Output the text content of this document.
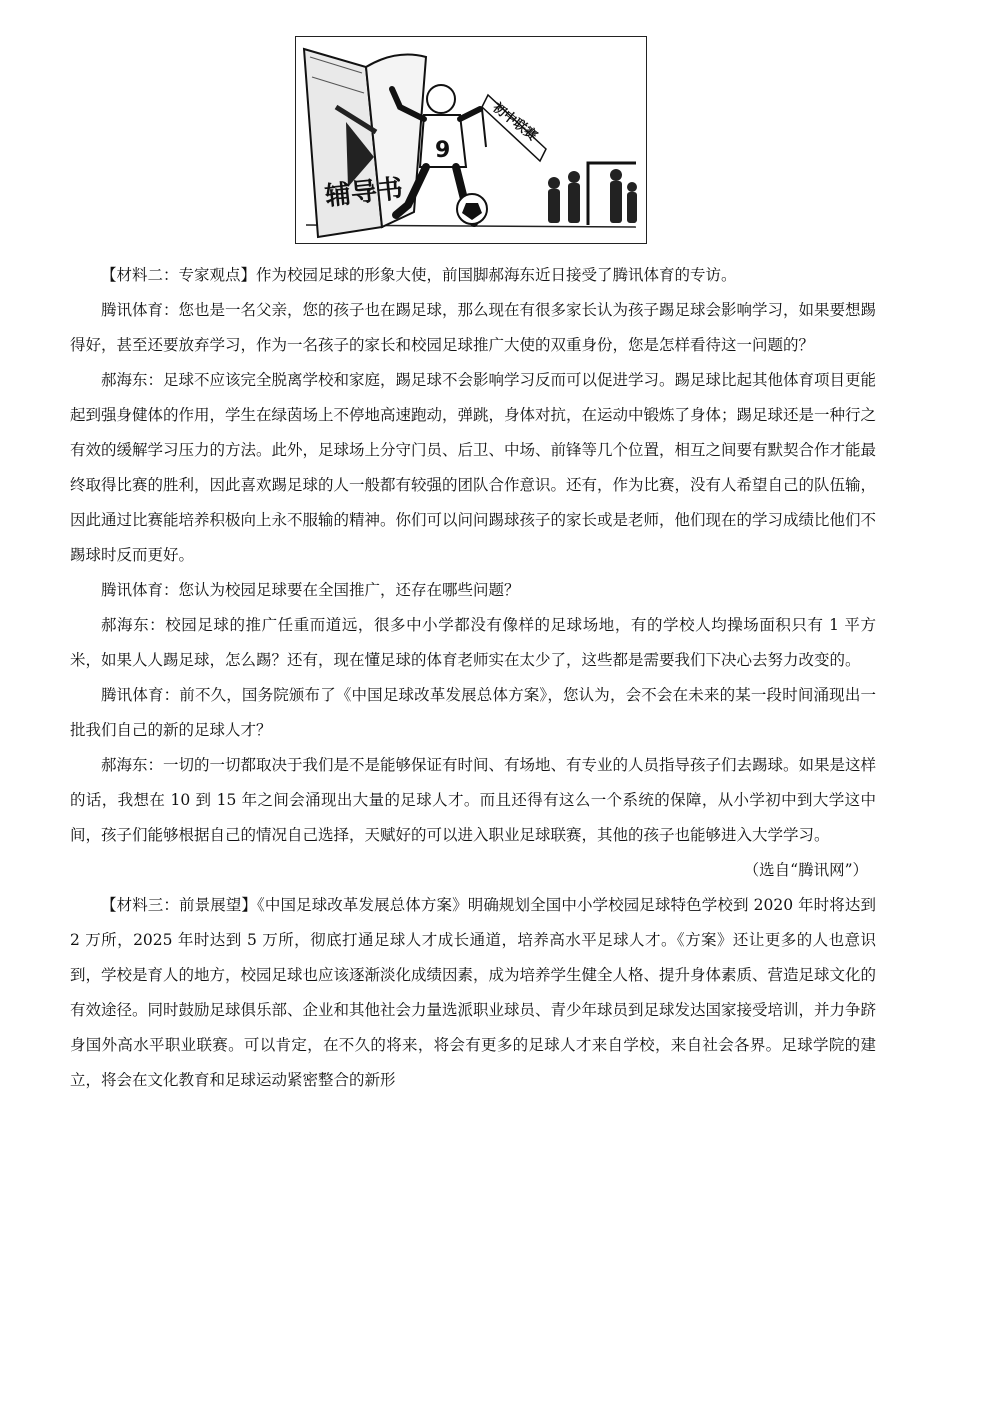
辅导书
9
初中联赛

【材料二：专家观点】作为校园足球的形象大使，前国脚郝海东近日接受了腾讯体育的专访。

腾讯体育：您也是一名父亲，您的孩子也在踢足球，那么现在有很多家长认为孩子踢足球会影响学习，如果要想踢得好，甚至还要放弃学习，作为一名孩子的家长和校园足球推广大使的双重身份，您是怎样看待这一问题的？

郝海东：足球不应该完全脱离学校和家庭，踢足球不会影响学习反而可以促进学习。踢足球比起其他体育项目更能起到强身健体的作用，学生在绿茵场上不停地高速跑动，弹跳，身体对抗，在运动中锻炼了身体；踢足球还是一种行之有效的缓解学习压力的方法。此外，足球场上分守门员、后卫、中场、前锋等几个位置，相互之间要有默契合作才能最终取得比赛的胜利，因此喜欢踢足球的人一般都有较强的团队合作意识。还有，作为比赛，没有人希望自己的队伍输，因此通过比赛能培养积极向上永不服输的精神。你们可以问问踢球孩子的家长或是老师，他们现在的学习成绩比他们不踢球时反而更好。

腾讯体育：您认为校园足球要在全国推广，还存在哪些问题？

郝海东：校园足球的推广任重而道远，很多中小学都没有像样的足球场地，有的学校人均操场面积只有 1 平方米，如果人人踢足球，怎么踢？还有，现在懂足球的体育老师实在太少了，这些都是需要我们下决心去努力改变的。

腾讯体育：前不久，国务院颁布了《中国足球改革发展总体方案》，您认为，会不会在未来的某一段时间涌现出一批我们自己的新的足球人才？

郝海东：一切的一切都取决于我们是不是能够保证有时间、有场地、有专业的人员指导孩子们去踢球。如果是这样的话，我想在 10 到 15 年之间会涌现出大量的足球人才。而且还得有这么一个系统的保障，从小学初中到大学这中间，孩子们能够根据自己的情况自己选择，天赋好的可以进入职业足球联赛，其他的孩子也能够进入大学学习。

（选自“腾讯网”）

【材料三：前景展望】《中国足球改革发展总体方案》明确规划全国中小学校园足球特色学校到 2020 年时将达到 2 万所，2025 年时达到 5 万所，彻底打通足球人才成长通道，培养高水平足球人才。《方案》还让更多的人也意识到，学校是育人的地方，校园足球也应该逐渐淡化成绩因素，成为培养学生健全人格、提升身体素质、营造足球文化的有效途径。同时鼓励足球俱乐部、企业和其他社会力量选派职业球员、青少年球员到足球发达国家接受培训，并力争跻身国外高水平职业联赛。可以肯定，在不久的将来，将会有更多的足球人才来自学校，来自社会各界。足球学院的建立，将会在文化教育和足球运动紧密整合的新形
